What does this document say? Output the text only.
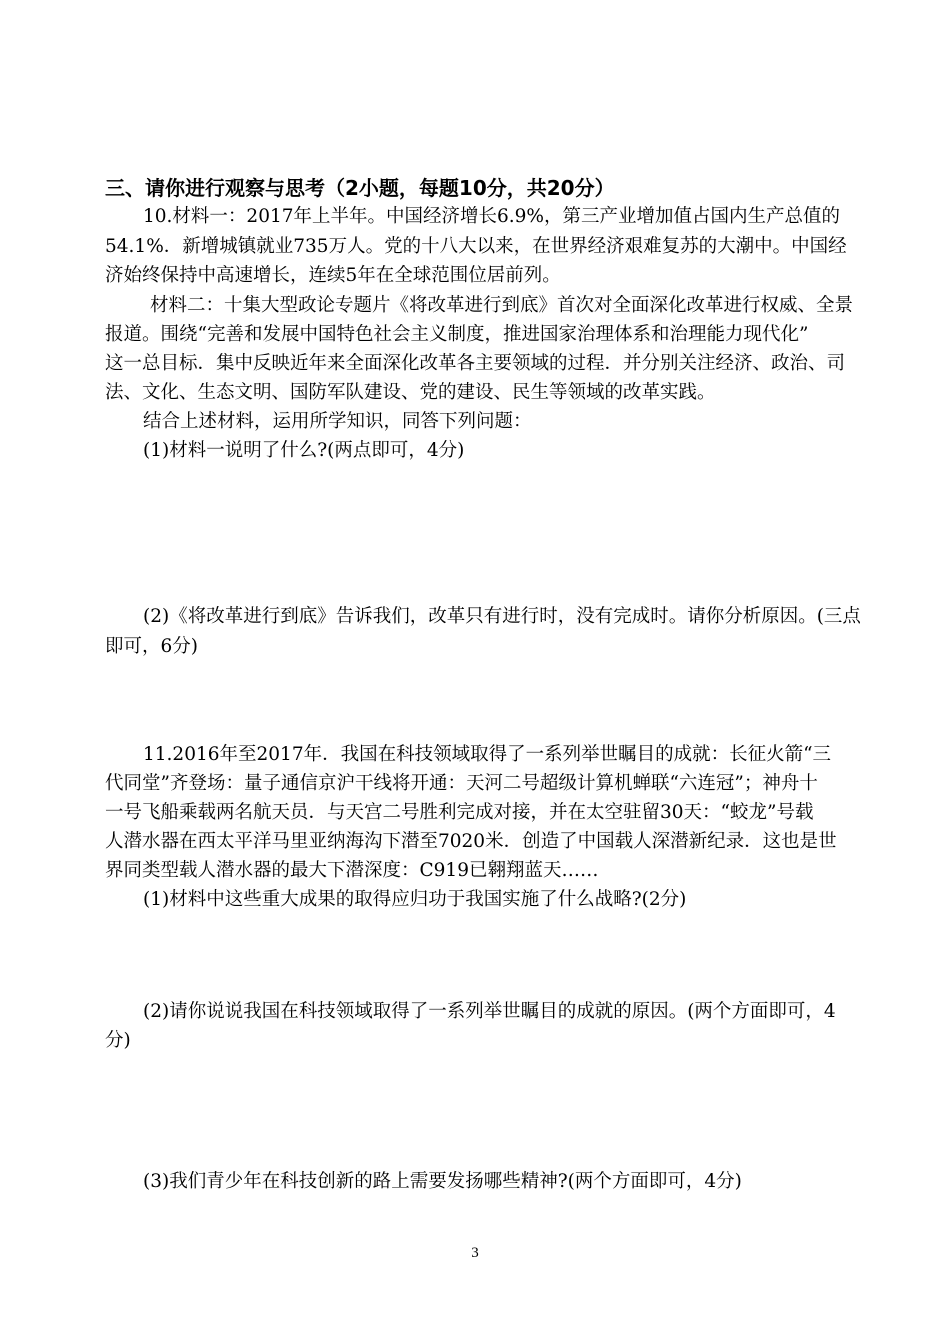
三、请你进行观察与思考（2小题，每题10分，共20分）
10.材料一：2017年上半年。中国经济增长6.9%，第三产业增加值占国内生产总值的
54.1%．新增城镇就业735万人。党的十八大以来，在世界经济艰难复苏的大潮中。中国经
济始终保持中高速增长，连续5年在全球范围位居前列。
材料二：十集大型政论专题片《将改革进行到底》首次对全面深化改革进行权威、全景
报道。围绕“完善和发展中国特色社会主义制度，推进国家治理体系和治理能力现代化”
这一总目标．集中反映近年来全面深化改革各主要领域的过程．并分别关注经济、政治、司
法、文化、生态文明、国防军队建设、党的建设、民生等领域的改革实践。
结合上述材料，运用所学知识，同答下列问题：
(1)材料一说明了什么?(两点即可，4分)
(2)《将改革进行到底》告诉我们，改革只有进行时，没有完成时。请你分析原因。(三点
即可，6分)
11.2016年至2017年．我国在科技领域取得了一系列举世瞩目的成就：长征火箭“三
代同堂”齐登场：量子通信京沪干线将开通：天河二号超级计算机蝉联“六连冠”；神舟十
一号飞船乘载两名航天员．与天宫二号胜利完成对接，并在太空驻留30天：“蛟龙”号载
人潜水器在西太平洋马里亚纳海沟下潜至7020米．创造了中国载人深潜新纪录．这也是世
界同类型载人潜水器的最大下潜深度：C919已翱翔蓝天……
(1)材料中这些重大成果的取得应归功于我国实施了什么战略?(2分)
(2)请你说说我国在科技领域取得了一系列举世瞩目的成就的原因。(两个方面即可，4
分)
(3)我们青少年在科技创新的路上需要发扬哪些精神?(两个方面即可，4分)
3
